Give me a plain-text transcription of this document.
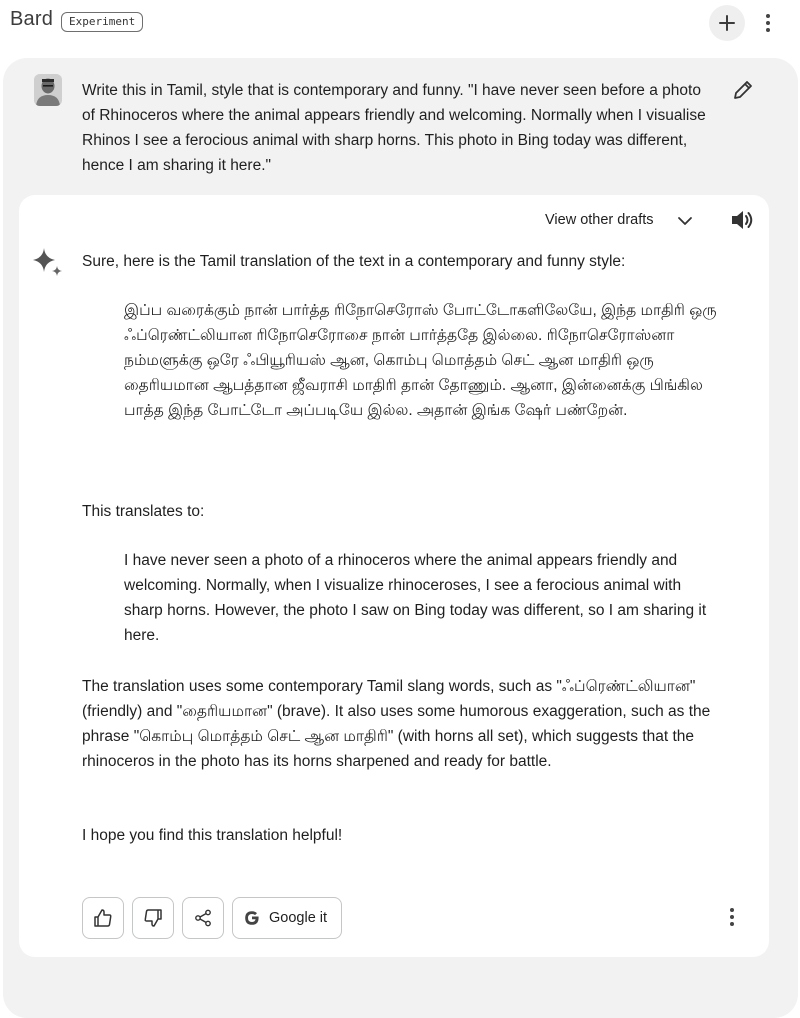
Bard	Experiment
Write this in Tamil, style that is contemporary and funny. "I have never seen before a photo of Rhinoceros where the animal appears friendly and welcoming. Normally when I visualise Rhinos I see a ferocious animal with sharp horns. This photo in Bing today was different, hence I am sharing it here."
View other drafts
Sure, here is the Tamil translation of the text in a contemporary and funny style:
இப்ப வரைக்கும் நான் பார்த்த ரிநோசெரோஸ் போட்டோகளிலேயே, இந்த மாதிரி ஒரு ஃப்ரெண்ட்லியான ரிநோசெரோசை நான் பார்த்ததே இல்லை. ரிநோசெரோஸ்னா நம்மளுக்கு ஒரே ஃபியூரியஸ் ஆன, கொம்பு மொத்தம் செட் ஆன மாதிரி ஒரு தைரியமான ஆபத்தான ஜீவராசி மாதிரி தான் தோணும். ஆனா, இன்னைக்கு பிங்கில பாத்த இந்த போட்டோ அப்படியே இல்ல. அதான் இங்க ஷேர் பண்றேன்.
This translates to:
I have never seen a photo of a rhinoceros where the animal appears friendly and welcoming. Normally, when I visualize rhinoceroses, I see a ferocious animal with sharp horns. However, the photo I saw on Bing today was different, so I am sharing it here.
The translation uses some contemporary Tamil slang words, such as "ஃப்ரெண்ட்லியான" (friendly) and "தைரியமான" (brave). It also uses some humorous exaggeration, such as the phrase "கொம்பு மொத்தம் செட் ஆன மாதிரி" (with horns all set), which suggests that the rhinoceros in the photo has its horns sharpened and ready for battle.
I hope you find this translation helpful!
Google it
